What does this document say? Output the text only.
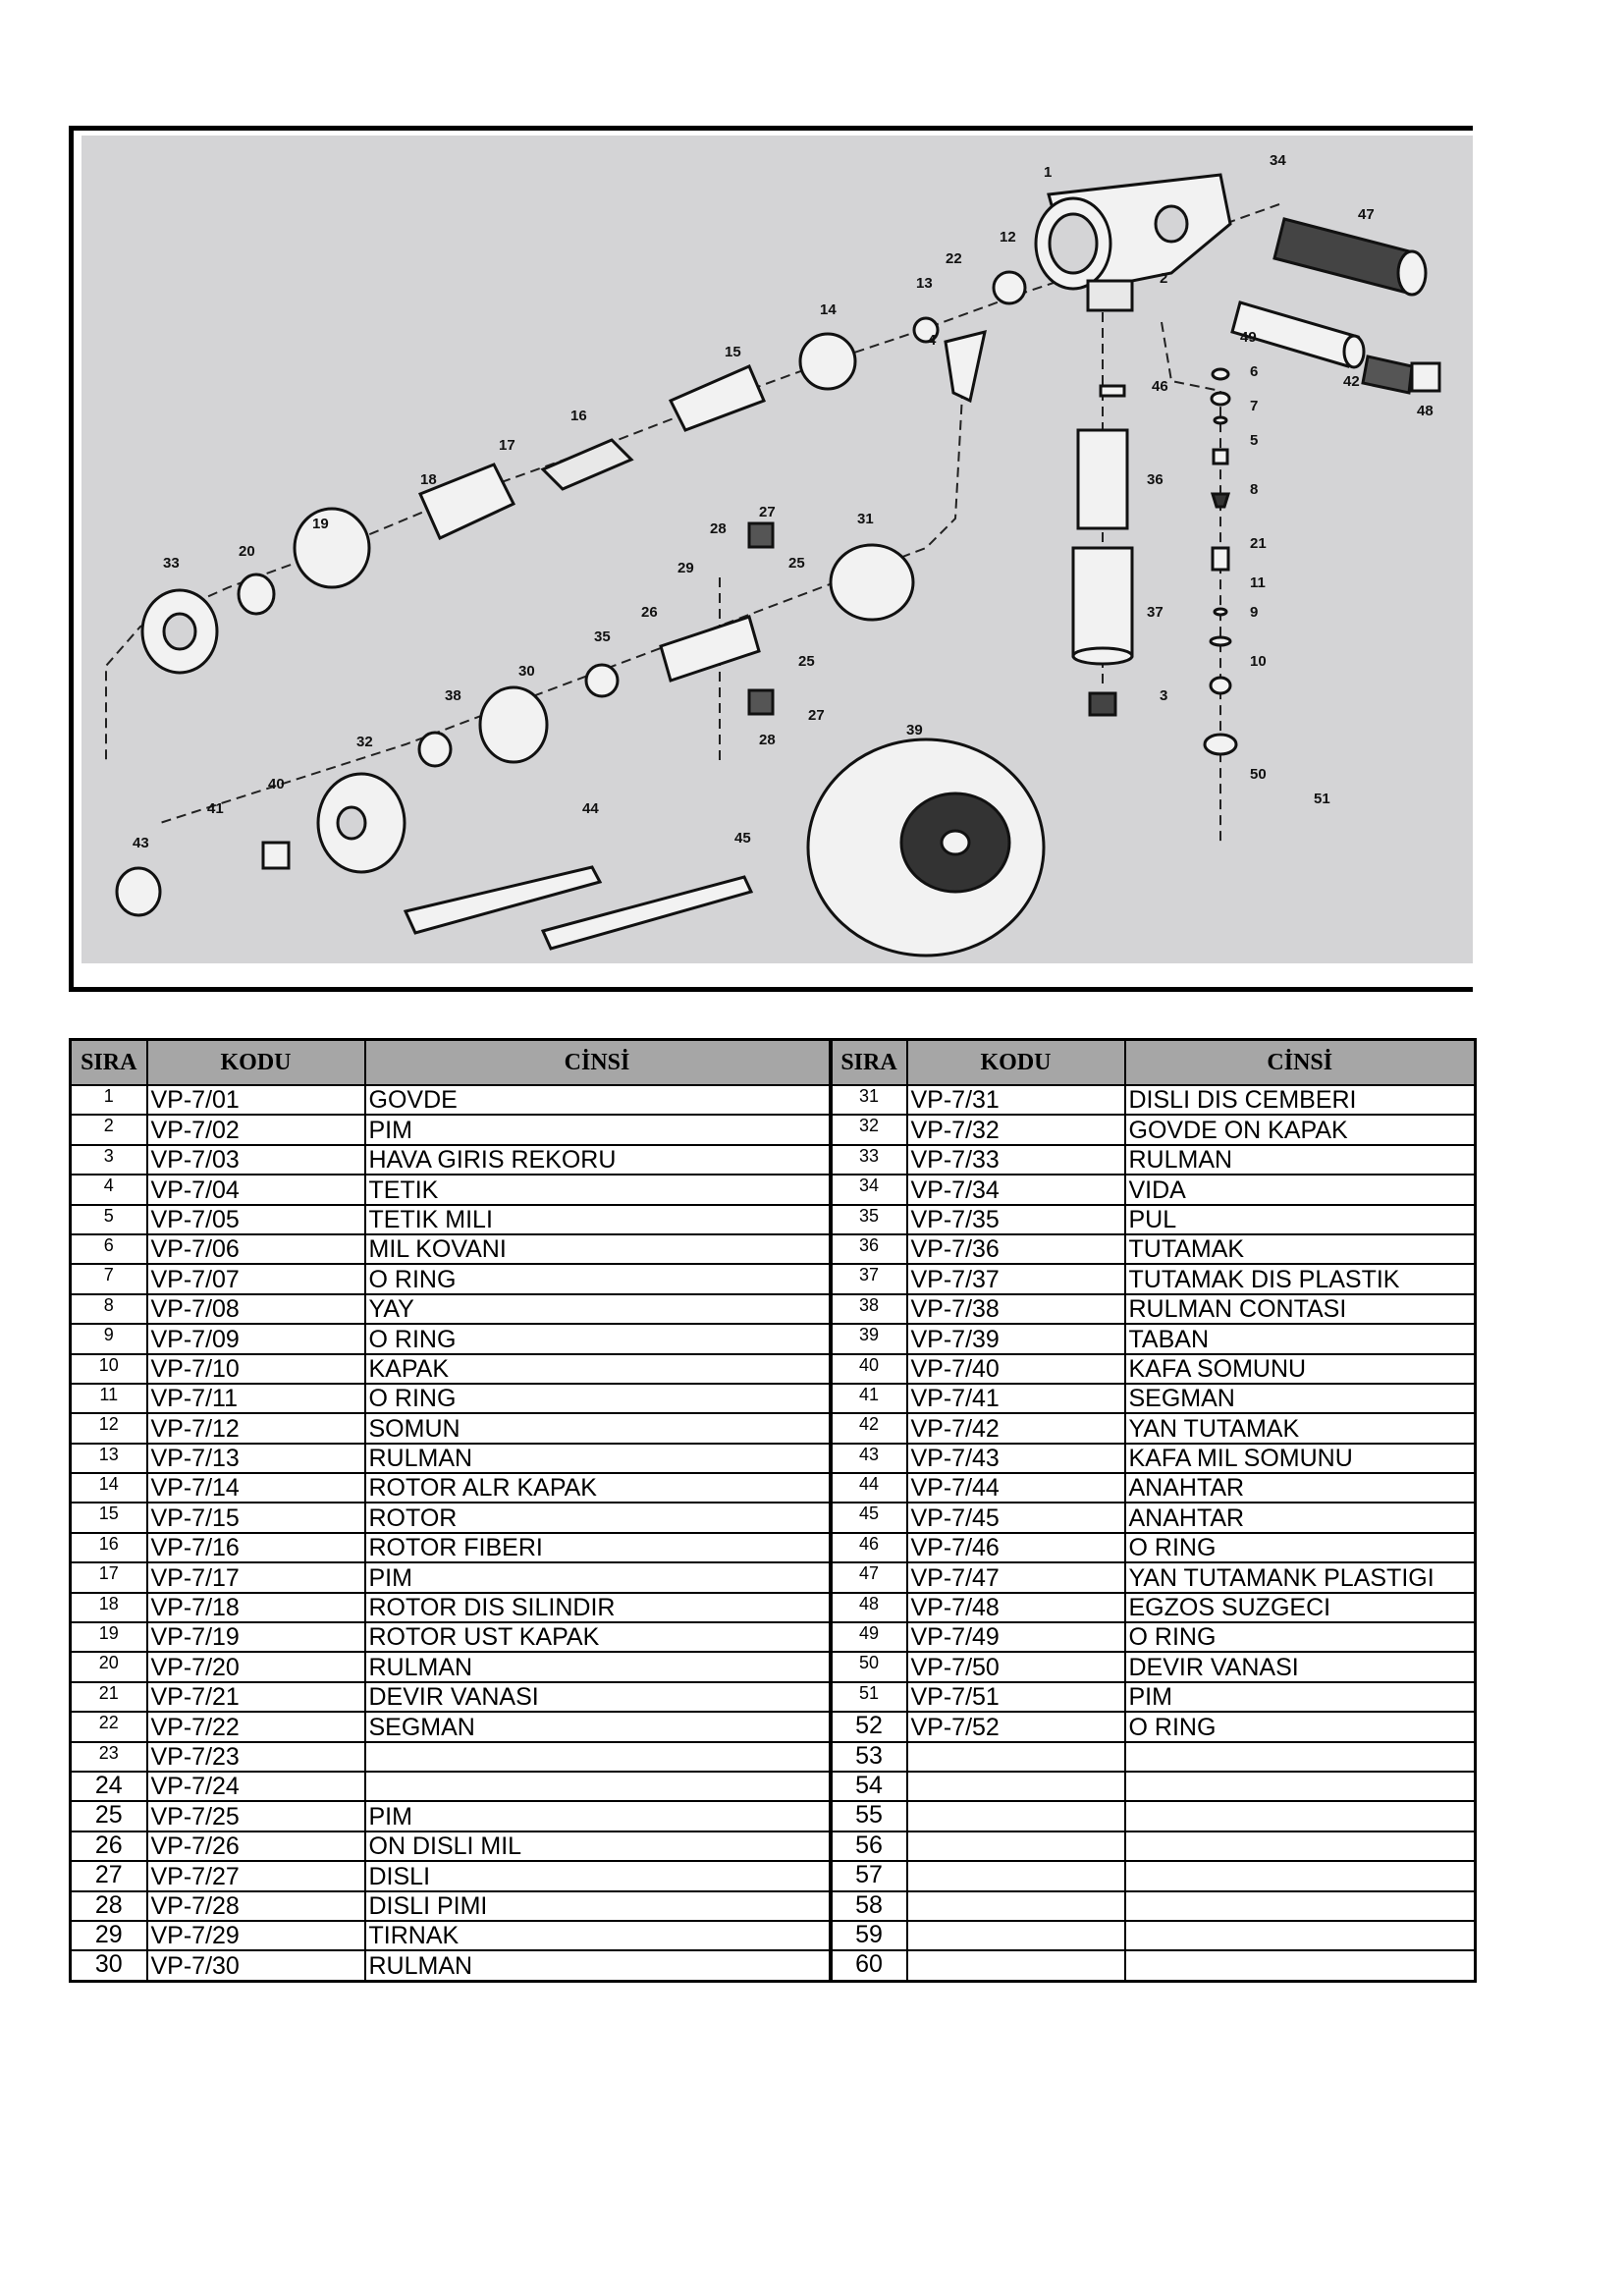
1
2
3
4
5
6
7
8
9
10
11
12
13
14
15
16
17
18
19
20	21
22
25
25
26
27
27
28
28
29
30
31
32
33
34
35
36
37
38
39
40
41
42
43
44
45
46
47
48
49
50
51
SIRA	KODU	CİNSİ	SIRA	KODU	CİNSİ
1	VP-7/01	GOVDE	31	VP-7/31	DISLI DIS CEMBERI
2	VP-7/02	PIM	32	VP-7/32	GOVDE ON KAPAK
3	VP-7/03	HAVA GIRIS REKORU	33	VP-7/33	RULMAN
4	VP-7/04	TETIK	34	VP-7/34	VIDA
5	VP-7/05	TETIK MILI	35	VP-7/35	PUL
6	VP-7/06	MIL KOVANI	36	VP-7/36	TUTAMAK
7	VP-7/07	O RING	37	VP-7/37	TUTAMAK DIS PLASTIK
8	VP-7/08	YAY	38	VP-7/38	RULMAN CONTASI
9	VP-7/09	O RING	39	VP-7/39	TABAN
10	VP-7/10	KAPAK	40	VP-7/40	KAFA SOMUNU
11	VP-7/11	O RING	41	VP-7/41	SEGMAN
12	VP-7/12	SOMUN	42	VP-7/42	YAN TUTAMAK
13	VP-7/13	RULMAN	43	VP-7/43	KAFA MIL SOMUNU
14	VP-7/14	ROTOR ALR KAPAK	44	VP-7/44	ANAHTAR
15	VP-7/15	ROTOR	45	VP-7/45	ANAHTAR
16	VP-7/16	ROTOR FIBERI	46	VP-7/46	O RING
17	VP-7/17	PIM	47	VP-7/47	YAN TUTAMANK PLASTIGI
18	VP-7/18	ROTOR DIS SILINDIR	48	VP-7/48	EGZOS SUZGECI
19	VP-7/19	ROTOR UST KAPAK	49	VP-7/49	O RING
20	VP-7/20	RULMAN	50	VP-7/50	DEVIR VANASI
21	VP-7/21	DEVIR VANASI	51	VP-7/51	PIM
22	VP-7/22	SEGMAN	52	VP-7/52	O RING
23	VP-7/23		53		
24	VP-7/24		54		
25	VP-7/25	PIM	55		
26	VP-7/26	ON DISLI MIL	56		
27	VP-7/27	DISLI	57		
28	VP-7/28	DISLI PIMI	58		
29	VP-7/29	TIRNAK	59		
30	VP-7/30	RULMAN	60		
